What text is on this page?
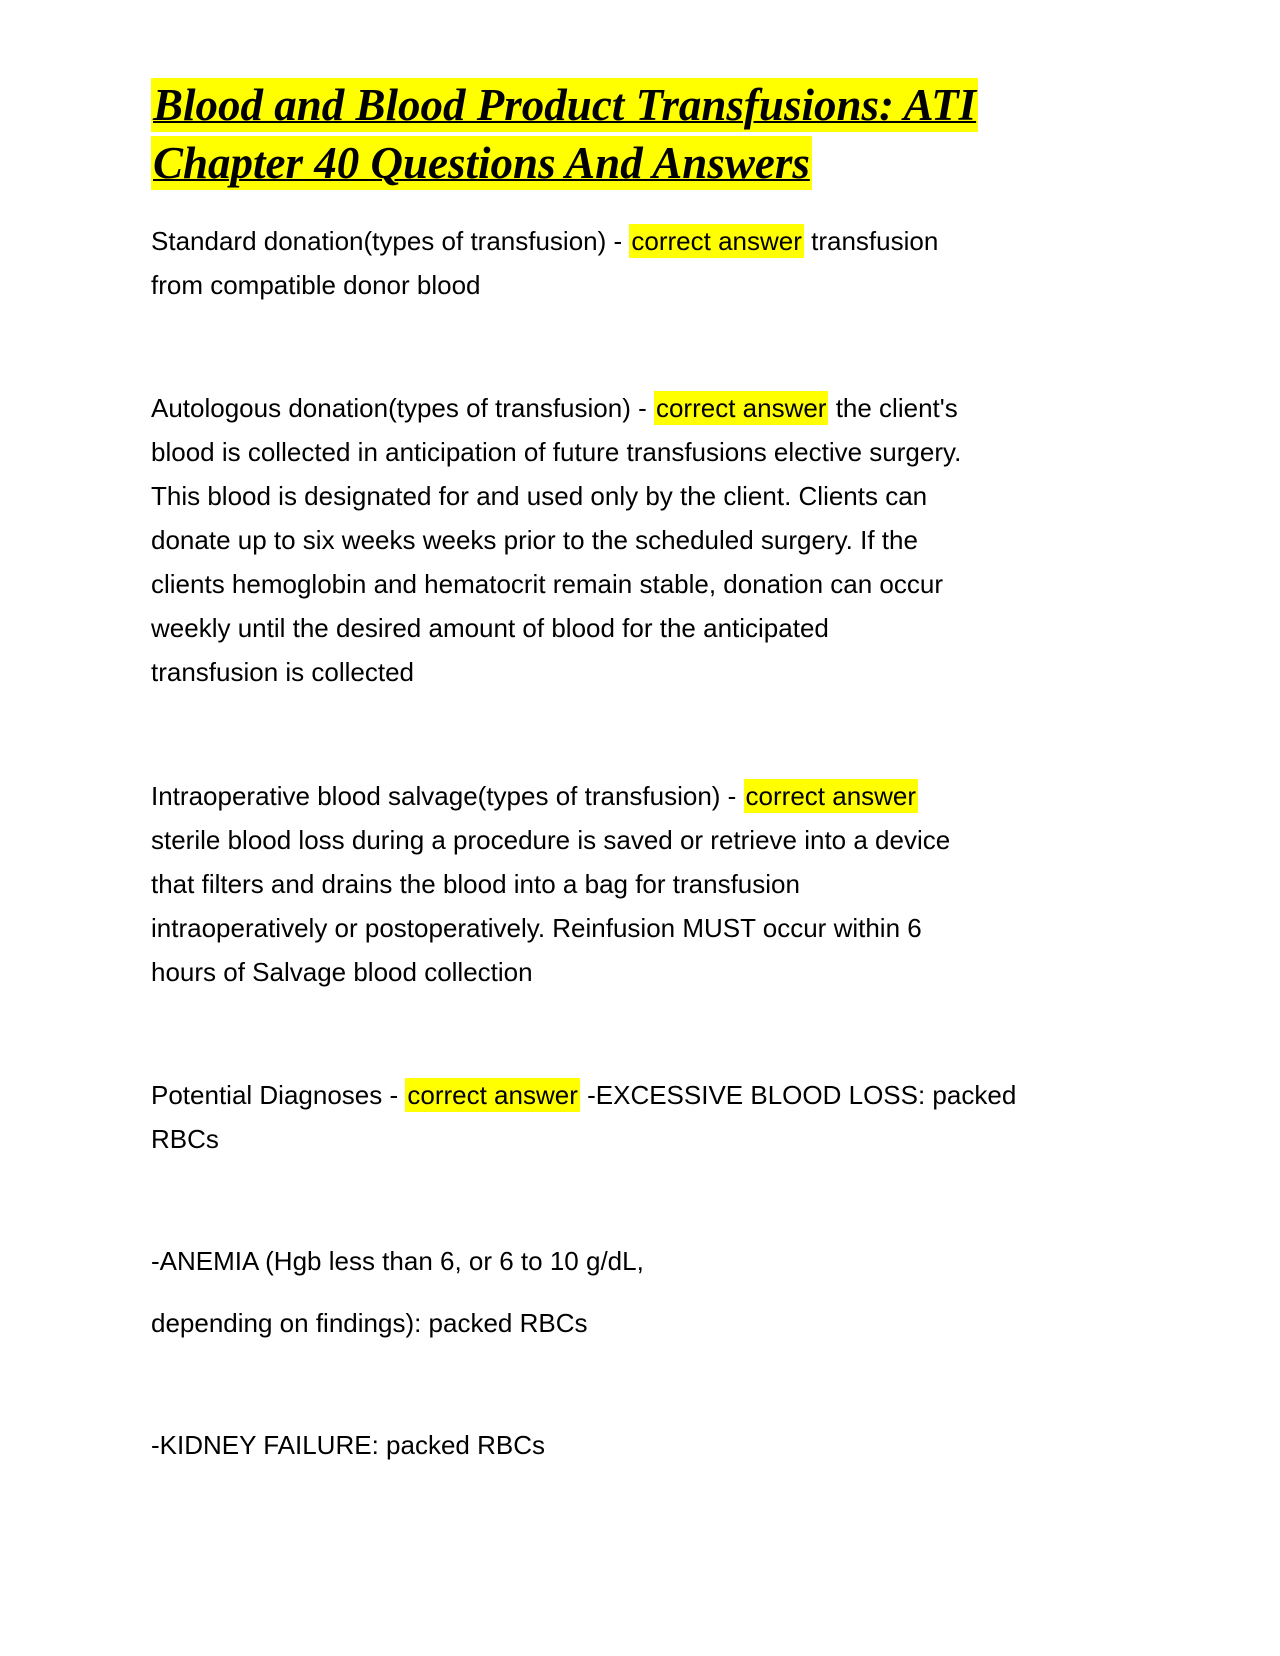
Blood and Blood Product Transfusions: ATI
Chapter 40 Questions And Answers
Standard donation(types of transfusion) - correct answer transfusion
from compatible donor blood
Autologous donation(types of transfusion) - correct answer the client's
blood is collected in anticipation of future transfusions elective surgery.
This blood is designated for and used only by the client. Clients can
donate up to six weeks weeks prior to the scheduled surgery. If the
clients hemoglobin and hematocrit remain stable, donation can occur
weekly until the desired amount of blood for the anticipated
transfusion is collected
Intraoperative blood salvage(types of transfusion) - correct answer
sterile blood loss during a procedure is saved or retrieve into a device
that filters and drains the blood into a bag for transfusion
intraoperatively or postoperatively. Reinfusion MUST occur within 6
hours of Salvage blood collection
Potential Diagnoses - correct answer -EXCESSIVE BLOOD LOSS: packed
RBCs
-ANEMIA (Hgb less than 6, or 6 to 10 g/dL,
depending on findings): packed RBCs
-KIDNEY FAILURE: packed RBCs
